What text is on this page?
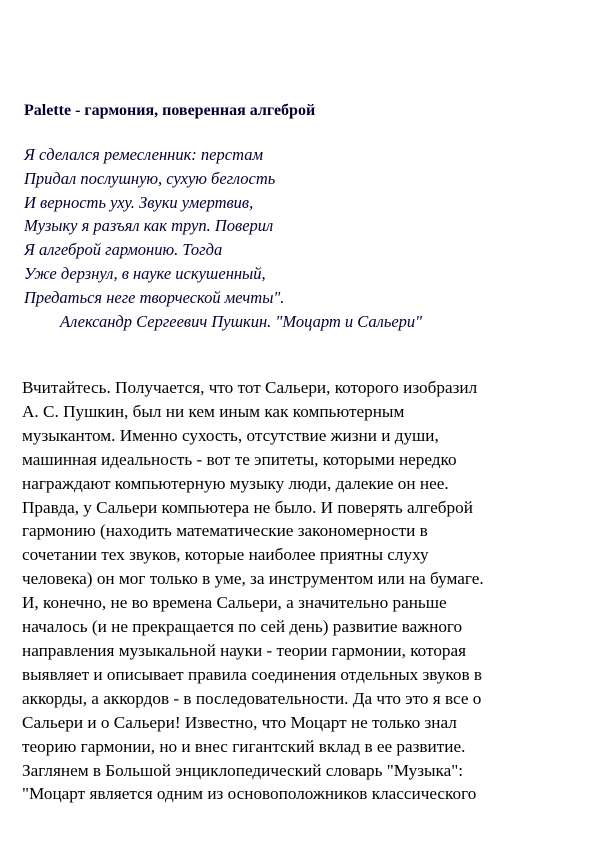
Palette - гармония, поверенная алгеброй
Я сделался ремесленник: перстам
Придал послушную, сухую беглость
И верность уху. Звуки умертвив,
Музыку я разъял как труп. Поверил
Я алгеброй гармонию. Тогда
Уже дерзнул, в науке искушенный,
Предаться неге творческой мечты".
Александр Сергеевич Пушкин. "Моцарт и Сальери"
Вчитайтесь. Получается, что тот Сальери, которого изобразил
А. С. Пушкин, был ни кем иным как компьютерным
музыкантом. Именно сухость, отсутствие жизни и души,
машинная идеальность - вот те эпитеты, которыми нередко
награждают компьютерную музыку люди, далекие он нее.
Правда, у Сальери компьютера не было. И поверять алгеброй
гармонию (находить математические закономерности в
сочетании тех звуков, которые наиболее приятны слуху
человека) он мог только в уме, за инструментом или на бумаге.
И, конечно, не во времена Сальери, а значительно раньше
началось (и не прекращается по сей день) развитие важного
направления музыкальной науки - теории гармонии, которая
выявляет и описывает правила соединения отдельных звуков в
аккорды, а аккордов - в последовательности. Да что это я все о
Сальери и о Сальери! Известно, что Моцарт не только знал
теорию гармонии, но и внес гигантский вклад в ее развитие.
Заглянем в Большой энциклопедический словарь "Музыка":
"Моцарт является одним из основоположников классического
